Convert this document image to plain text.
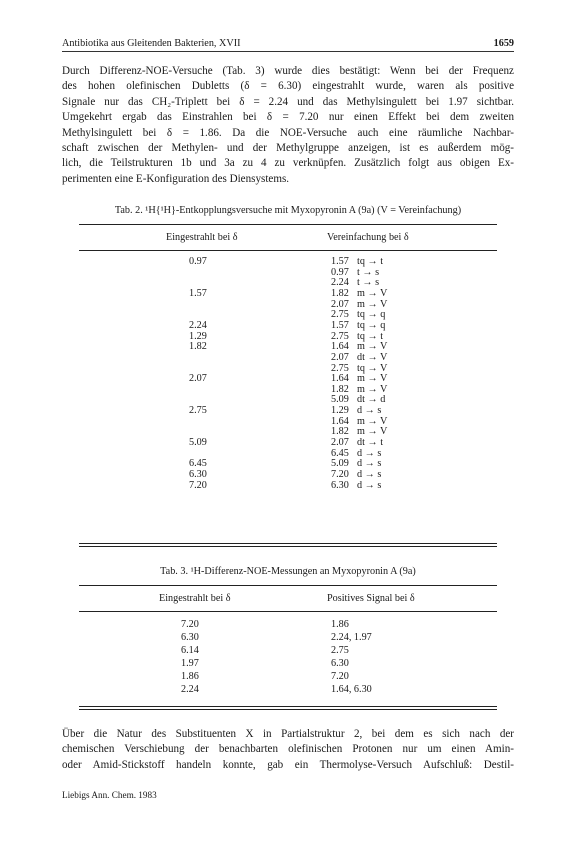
Antibiotika aus Gleitenden Bakterien, XVII	1659
Durch Differenz-NOE-Versuche (Tab. 3) wurde dies bestätigt: Wenn bei der Frequenz
des hohen olefinischen Dubletts (δ = 6.30) eingestrahlt wurde, waren als positive
Signale nur das CH₂-Triplett bei δ = 2.24 und das Methylsingulett bei 1.97 sichtbar.
Umgekehrt ergab das Einstrahlen bei δ = 7.20 nur einen Effekt bei dem zweiten
Methylsingulett bei δ = 1.86. Da die NOE-Versuche auch eine räumliche Nachbar-
schaft zwischen der Methylen- und der Methylgruppe anzeigen, ist es außerdem mög-
lich, die Teilstrukturen 1b und 3a zu 4 zu verknüpfen. Zusätzlich folgt aus obigen Ex-
perimenten eine E-Konfiguration des Diensystems.
Tab. 2. ¹H{¹H}-Entkopplungsversuche mit Myxopyronin A (9a) (V = Vereinfachung)
Eingestrahlt bei δ	Vereinfachung bei δ
0.97	1.57 tq → t
0.97 t → s
2.24 t → s
1.57	1.82 m → V
2.07 m → V
2.75 tq → q
2.24	1.57 tq → q
1.29	2.75 tq → t
1.82	1.64 m → V
2.07 dt → V
2.75 tq → V
2.07	1.64 m → V
1.82 m → V
5.09 dt → d
2.75	1.29 d → s
1.64 m → V
1.82 m → V
5.09	2.07 dt → t
6.45 d → s
6.45	5.09 d → s
6.30	7.20 d → s
7.20	6.30 d → s
Tab. 3. ¹H-Differenz-NOE-Messungen an Myxopyronin A (9a)
Eingestrahlt bei δ	Positives Signal bei δ
7.20	1.86
6.30	2.24, 1.97
6.14	2.75
1.97	6.30
1.86	7.20
2.24	1.64, 6.30
Über die Natur des Substituenten X in Partialstruktur 2, bei dem es sich nach der
chemischen Verschiebung der benachbarten olefinischen Protonen nur um einen Amin-
oder Amid-Stickstoff handeln konnte, gab ein Thermolyse-Versuch Aufschluß: Destil-
Liebigs Ann. Chem. 1983
